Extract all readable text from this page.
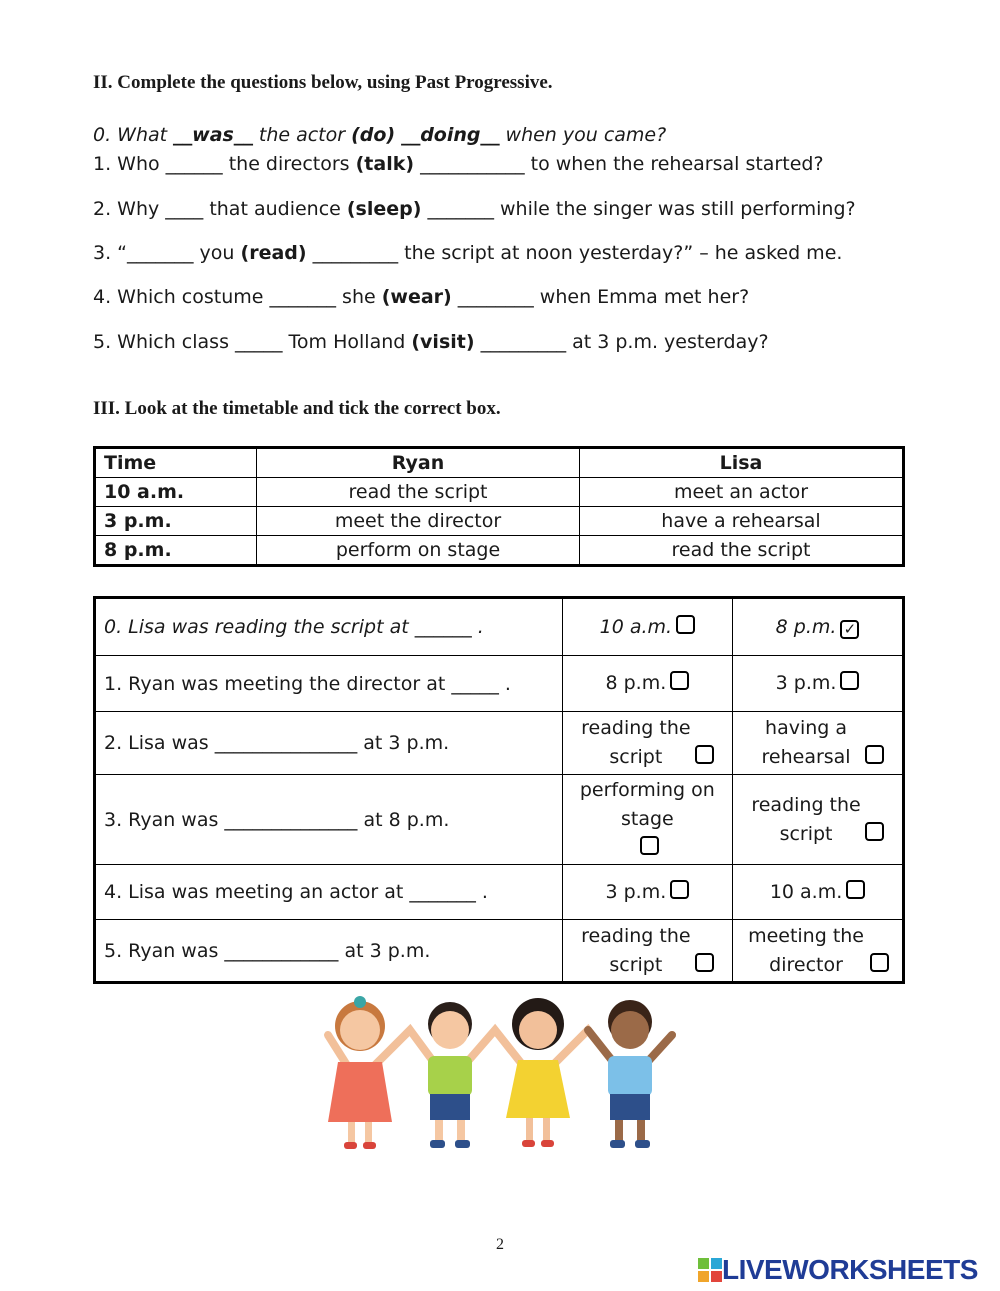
II. Complete the questions below, using Past Progressive.
0. What __was__ the actor (do) __doing__ when you came?
1. Who ______ the directors (talk) ___________ to when the rehearsal started?
2. Why ____ that audience (sleep) _______ while the singer was still performing?
3. “_______ you (read) _________ the script at noon yesterday?” – he asked me.
4. Which costume _______ she (wear) ________ when Emma met her?
5. Which class _____ Tom Holland (visit) _________ at 3 p.m. yesterday?
III. Look at the timetable and tick the correct box.
Time	Ryan	Lisa
10 a.m.	read the script	meet an actor
3 p.m.	meet the director	have a rehearsal
8 p.m.	perform on stage	read the script
0. Lisa was reading the script at ______ .	10 a.m.	8 p.m. ✓
1. Ryan was meeting the director at _____ .	8 p.m.	3 p.m.
2. Lisa was _______________ at 3 p.m.	reading the script	having a rehearsal
3. Ryan was ______________ at 8 p.m.	performing on stage	reading the script
4. Lisa was meeting an actor at _______ .	3 p.m.	10 a.m.
5. Ryan was ____________ at 3 p.m.	reading the script	meeting the director
2
LIVEWORKSHEETS
